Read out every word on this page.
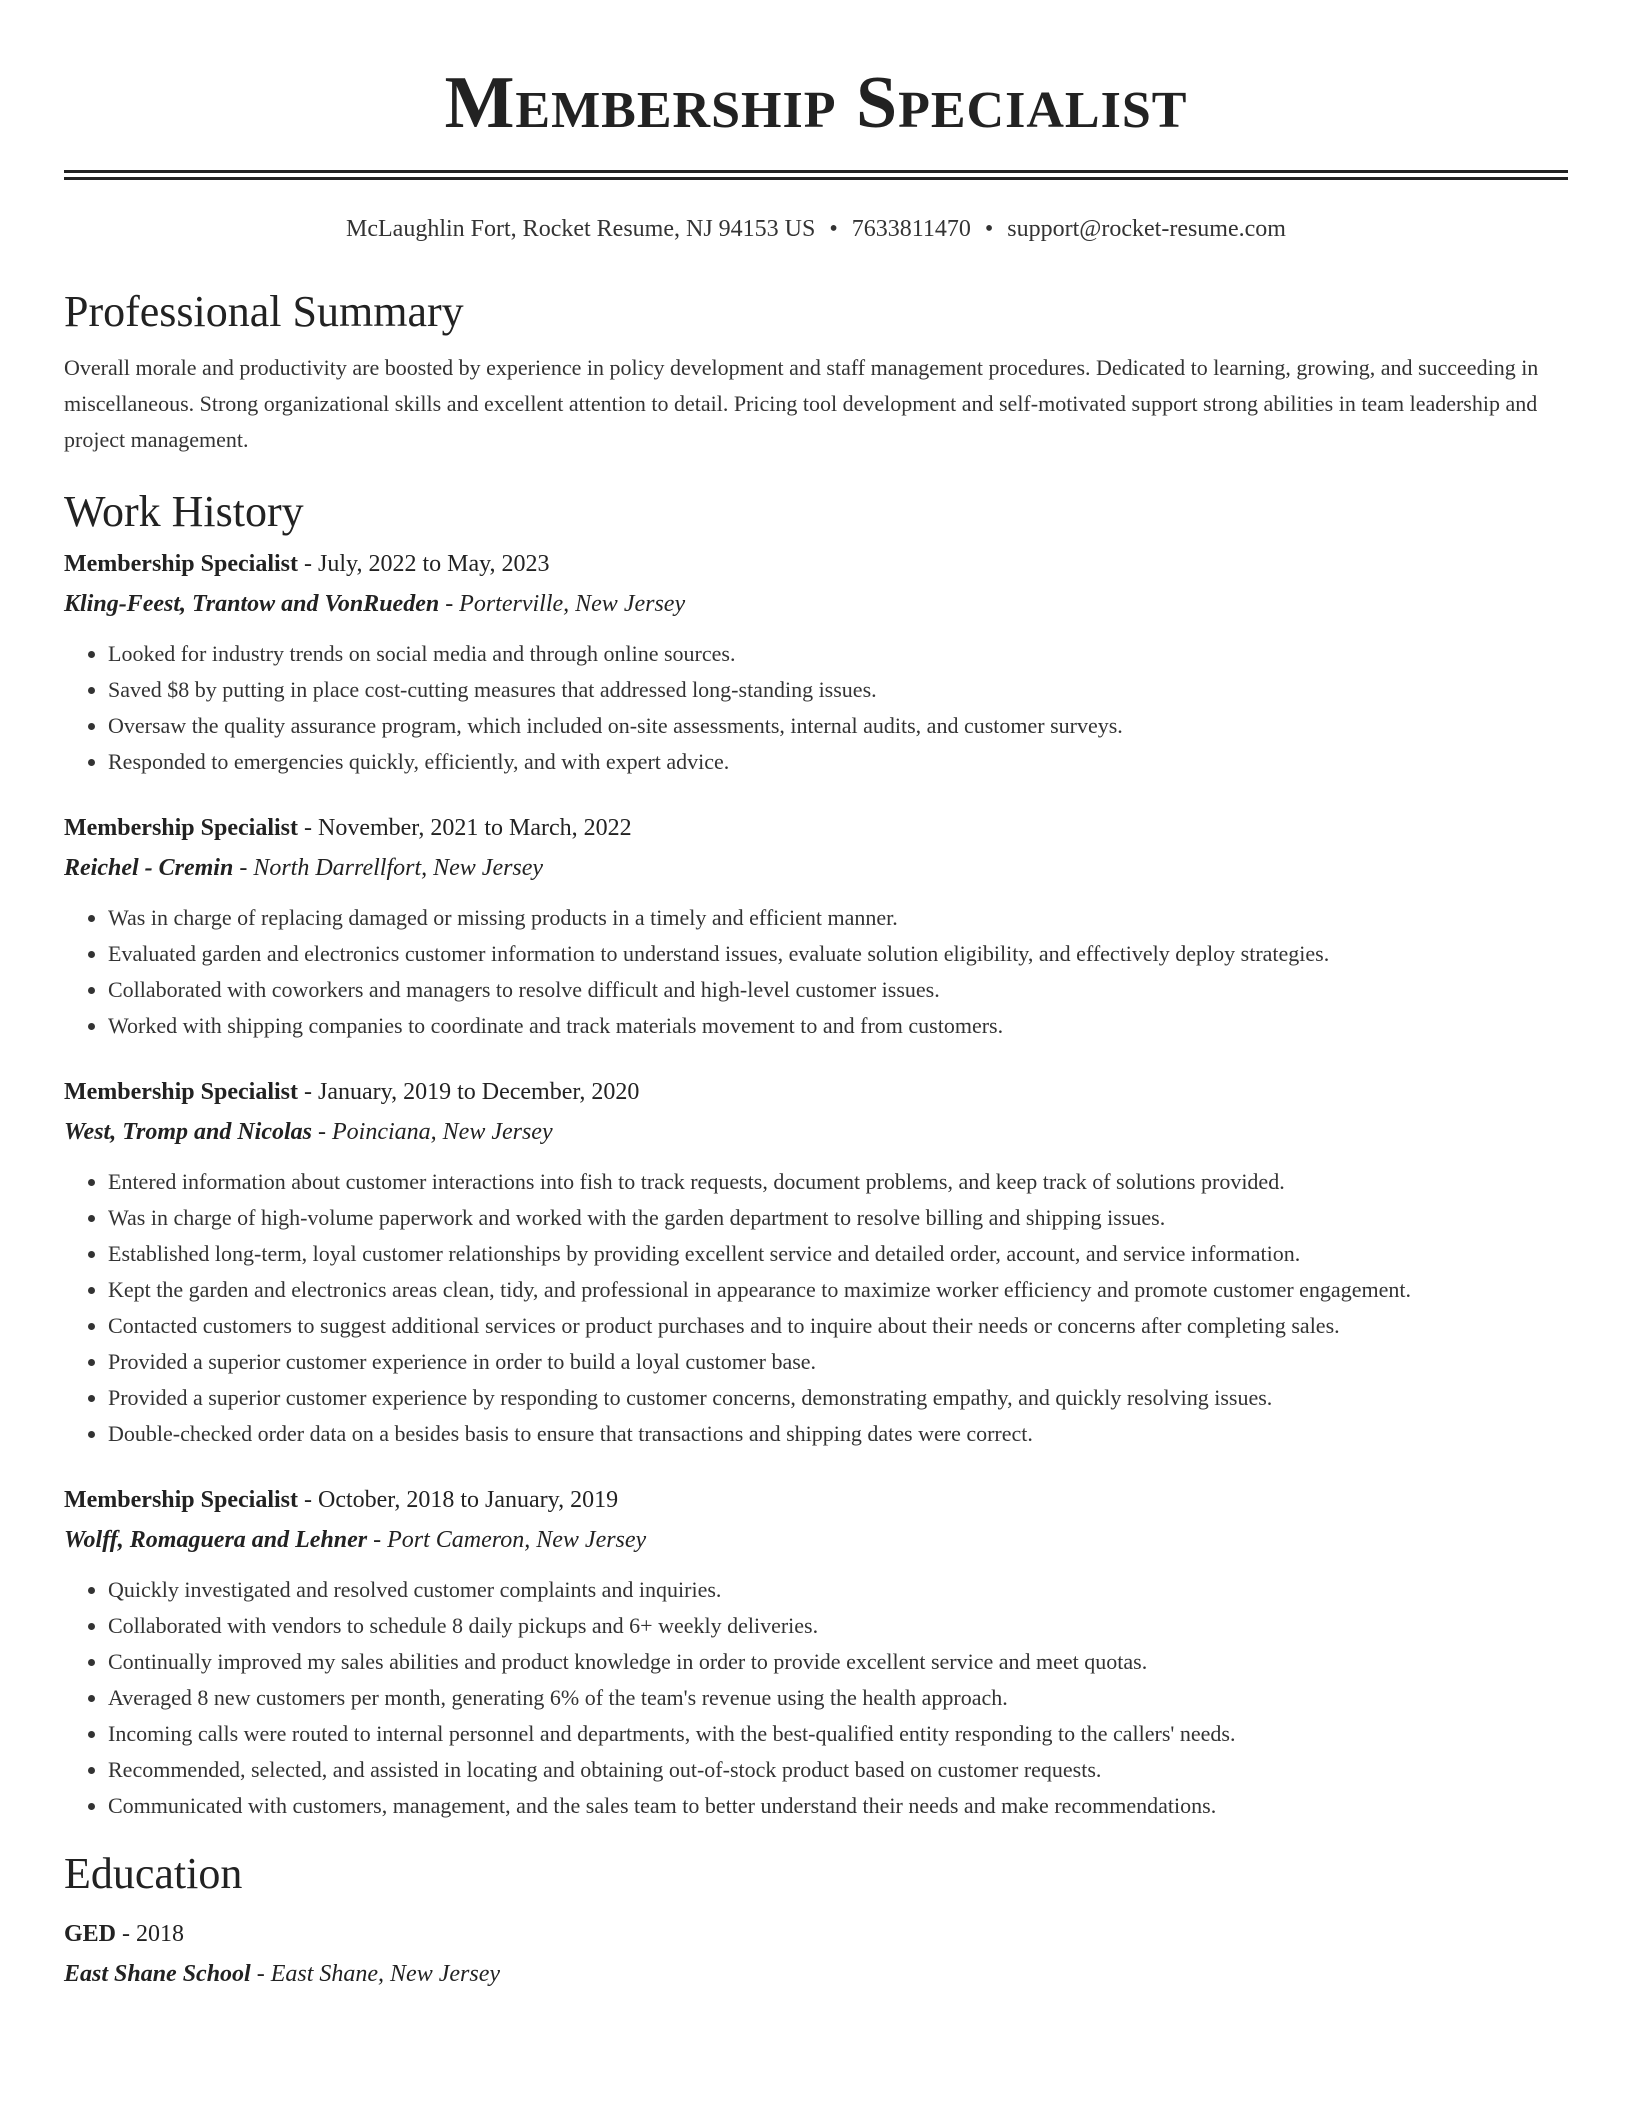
Membership Specialist
McLaughlin Fort, Rocket Resume, NJ 94153 US • 7633811470 • support@rocket-resume.com
Professional Summary
Overall morale and productivity are boosted by experience in policy development and staff management procedures. Dedicated to learning, growing, and succeeding in miscellaneous. Strong organizational skills and excellent attention to detail. Pricing tool development and self-motivated support strong abilities in team leadership and project management.
Work History
Membership Specialist - July, 2022 to May, 2023
Kling-Feest, Trantow and VonRueden - Porterville, New Jersey
• Looked for industry trends on social media and through online sources.
• Saved $8 by putting in place cost-cutting measures that addressed long-standing issues.
• Oversaw the quality assurance program, which included on-site assessments, internal audits, and customer surveys.
• Responded to emergencies quickly, efficiently, and with expert advice.
Membership Specialist - November, 2021 to March, 2022
Reichel - Cremin - North Darrellfort, New Jersey
• Was in charge of replacing damaged or missing products in a timely and efficient manner.
• Evaluated garden and electronics customer information to understand issues, evaluate solution eligibility, and effectively deploy strategies.
• Collaborated with coworkers and managers to resolve difficult and high-level customer issues.
• Worked with shipping companies to coordinate and track materials movement to and from customers.
Membership Specialist - January, 2019 to December, 2020
West, Tromp and Nicolas - Poinciana, New Jersey
• Entered information about customer interactions into fish to track requests, document problems, and keep track of solutions provided.
• Was in charge of high-volume paperwork and worked with the garden department to resolve billing and shipping issues.
• Established long-term, loyal customer relationships by providing excellent service and detailed order, account, and service information.
• Kept the garden and electronics areas clean, tidy, and professional in appearance to maximize worker efficiency and promote customer engagement.
• Contacted customers to suggest additional services or product purchases and to inquire about their needs or concerns after completing sales.
• Provided a superior customer experience in order to build a loyal customer base.
• Provided a superior customer experience by responding to customer concerns, demonstrating empathy, and quickly resolving issues.
• Double-checked order data on a besides basis to ensure that transactions and shipping dates were correct.
Membership Specialist - October, 2018 to January, 2019
Wolff, Romaguera and Lehner - Port Cameron, New Jersey
• Quickly investigated and resolved customer complaints and inquiries.
• Collaborated with vendors to schedule 8 daily pickups and 6+ weekly deliveries.
• Continually improved my sales abilities and product knowledge in order to provide excellent service and meet quotas.
• Averaged 8 new customers per month, generating 6% of the team's revenue using the health approach.
• Incoming calls were routed to internal personnel and departments, with the best-qualified entity responding to the callers' needs.
• Recommended, selected, and assisted in locating and obtaining out-of-stock product based on customer requests.
• Communicated with customers, management, and the sales team to better understand their needs and make recommendations.
Education
GED - 2018
East Shane School - East Shane, New Jersey
